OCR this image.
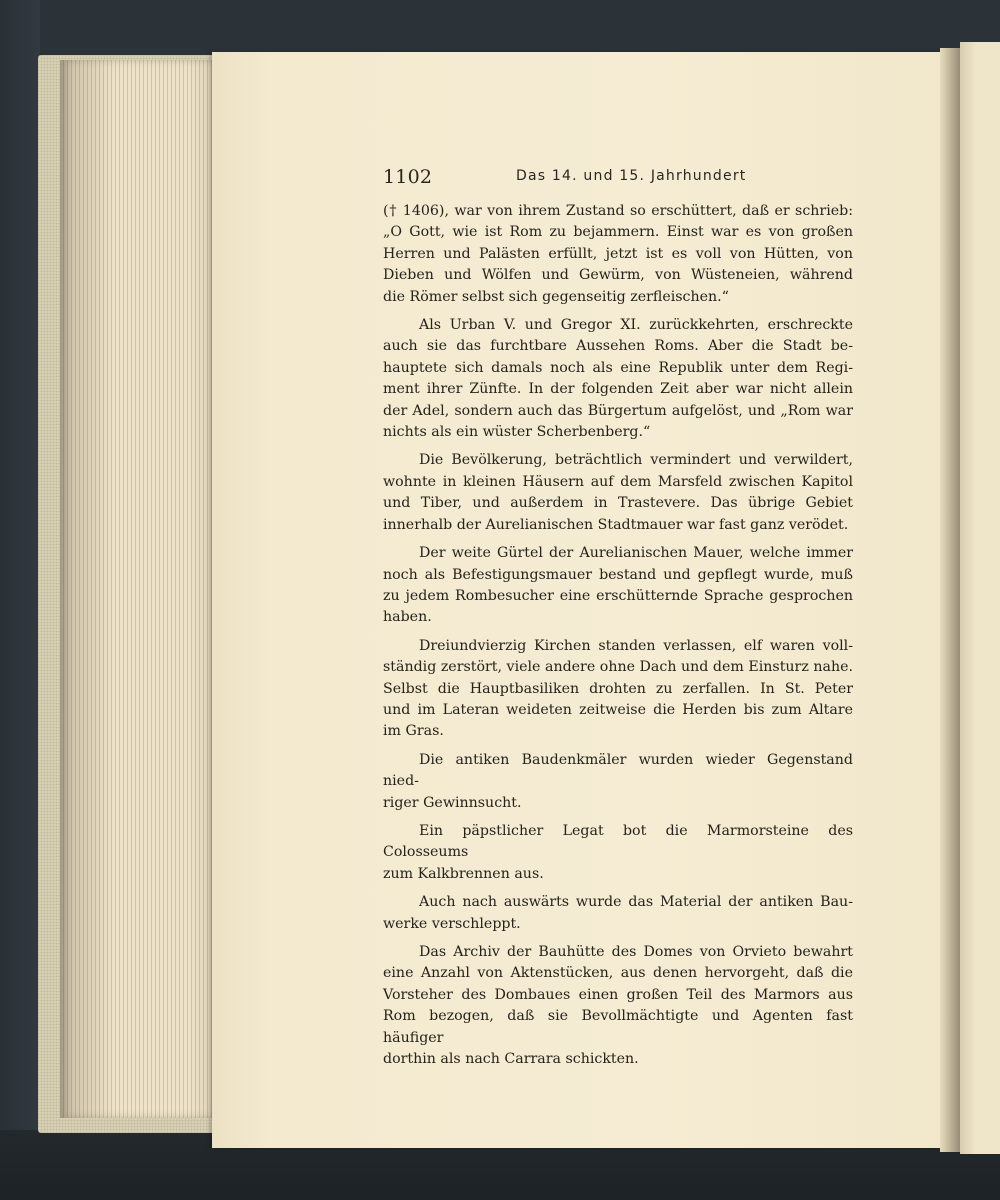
1102	Das 14. und 15. Jahrhundert

(† 1406), war von ihrem Zustand so erschüttert, daß er schrieb:
„O Gott, wie ist Rom zu bejammern. Einst war es von großen
Herren und Palästen erfüllt, jetzt ist es voll von Hütten, von
Dieben und Wölfen und Gewürm, von Wüsteneien, während
die Römer selbst sich gegenseitig zerfleischen.“

Als Urban V. und Gregor XI. zurückkehrten, erschreckte
auch sie das furchtbare Aussehen Roms. Aber die Stadt be-
hauptete sich damals noch als eine Republik unter dem Regi-
ment ihrer Zünfte. In der folgenden Zeit aber war nicht allein
der Adel, sondern auch das Bürgertum aufgelöst, und „Rom war
nichts als ein wüster Scherbenberg.“

Die Bevölkerung, beträchtlich vermindert und verwildert,
wohnte in kleinen Häusern auf dem Marsfeld zwischen Kapitol
und Tiber, und außerdem in Trastevere. Das übrige Gebiet
innerhalb der Aurelianischen Stadtmauer war fast ganz verödet.

Der weite Gürtel der Aurelianischen Mauer, welche immer
noch als Befestigungsmauer bestand und gepflegt wurde, muß
zu jedem Rombesucher eine erschütternde Sprache gesprochen
haben.

Dreiundvierzig Kirchen standen verlassen, elf waren voll-
ständig zerstört, viele andere ohne Dach und dem Einsturz nahe.
Selbst die Hauptbasiliken drohten zu zerfallen. In St. Peter
und im Lateran weideten zeitweise die Herden bis zum Altare
im Gras.

Die antiken Baudenkmäler wurden wieder Gegenstand nied-
riger Gewinnsucht.

Ein päpstlicher Legat bot die Marmorsteine des Colosseums
zum Kalkbrennen aus.

Auch nach auswärts wurde das Material der antiken Bau-
werke verschleppt.

Das Archiv der Bauhütte des Domes von Orvieto bewahrt
eine Anzahl von Aktenstücken, aus denen hervorgeht, daß die
Vorsteher des Dombaues einen großen Teil des Marmors aus
Rom bezogen, daß sie Bevollmächtigte und Agenten fast häufiger
dorthin als nach Carrara schickten.
